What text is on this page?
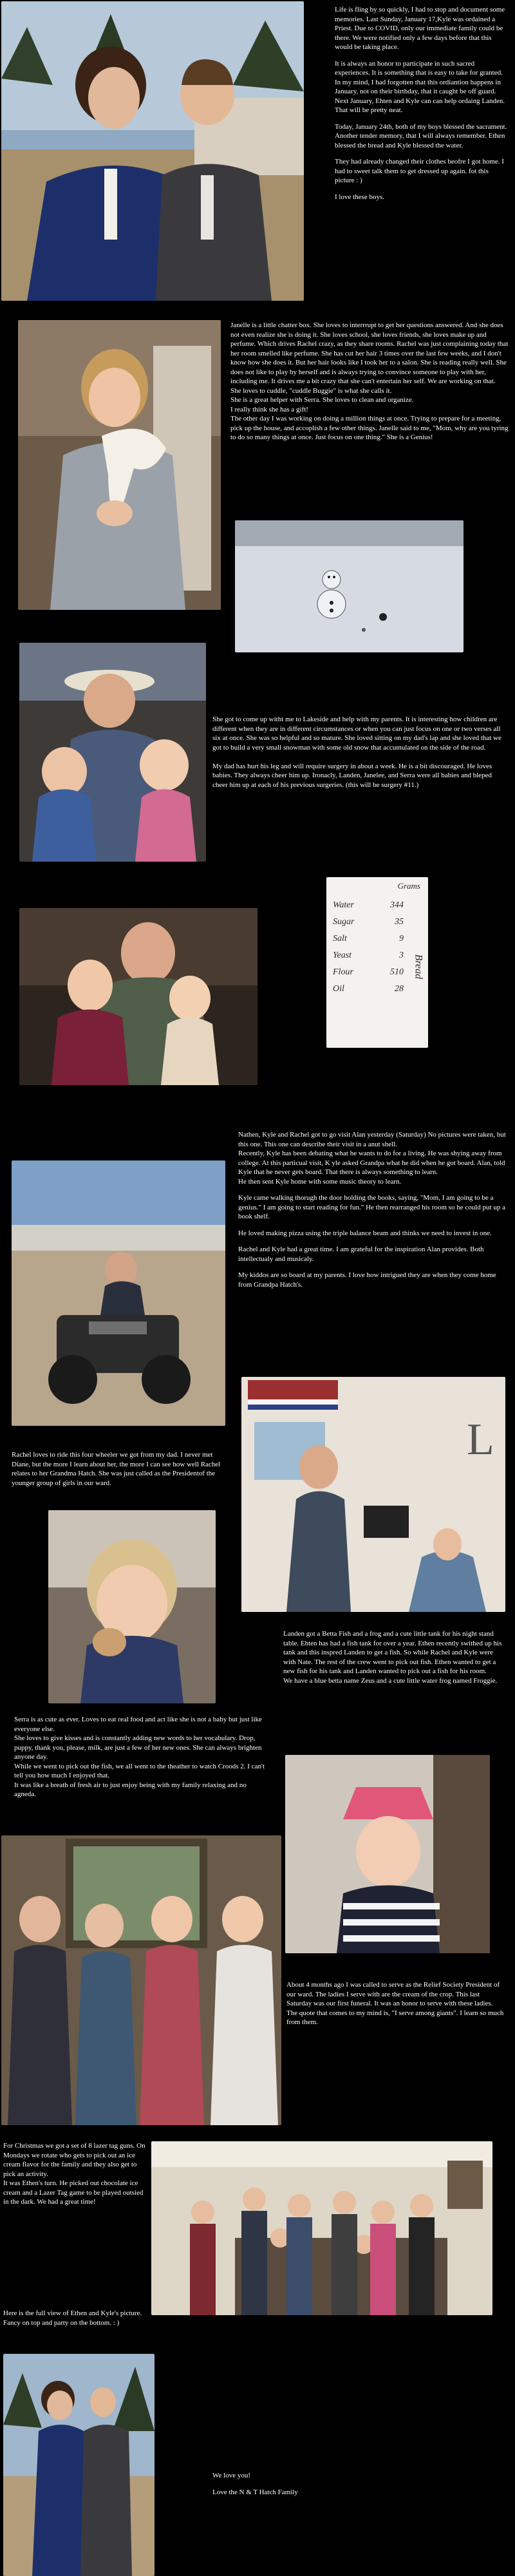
Life is fling by so quickly, I had to stop and document some memories. Last Sunday, January 17,Kyle was ordained a Priest. Due to COVID, only our immediate family could be there. We were notified only a few days before that this would be taking place.

It is always an honor to participate in such sacred experiences. It is something that is easy to take for granted. In my mind, I had forgotten that this ordiantion happens in January, not on their birthday, that it caught be off guard. Next January, Ehten and Kyle can can help ordaing Landen. That will be pretty neat.

Today, January 24th, both of my boys blessed the sacrament. Another tender memory, that I will always remember. Ethen blessed the bread and Kyle blessed the water.

They had already changed their clothes beofre I got home. I had to sweet talk them to get dressed up again. fot this picture : )

I love these boys.

Janelle is a little chatter box. She loves to interrrupt to get her questions answered. And she does not even realize she is doing it. She loves school, she loves friends, she loves make up and perfume. Which drives Rachel crazy, as they share rooms. Rachel was just complaining today that her room smelled like perfume. She has cut her hair 3 times over the last few weeks, and I don't know how she does it. But her hair looks like I took her to a salon. She is reading really well. She does not like to play by herself and is always trying to convince someone to play with her, including me. It drives me a bit crazy that she can't entertain her self. We are working on that.
She loves to cuddle, "cuddle Buggie" is what she calls it.
She is a great helper with Serra. She loves to clean and organize.
I really think she has a gift!
The other day I was working on doing a million things at once. Trying to prepare for a meeting, pick up the house, and accoplish a few other things. Janelle said to me, "Mom, why are you tyring to do so many things at once. Just focus on one thing." She is a Genius!
She got to come up witht me to Lakeside and help with my parents. It is interesting how children are different when they are in different circumstances or when you can just focus on one or two verses all six at once. She was so helpful and so mature. She loved sitting on my dad's lap and she loved that we got to build a very small snowman with some old snow that accumulated on the side of the road.

My dad has hurt his leg and will require surgery in about a week. He is a bit discouraged. He loves babies. They always cheer him up. Ironacly, Landen, Janelee, and Serra were all babies and bleped cheer him up at each of his previous surgeries. (this will be surgery #11.)
Grams
Water	344
Sugar	35
Salt	9
Yeast	3
Flour	510
Oil	28
Bread

Nathen, Kyle and Rachel got to go visit Alan yesterday (Saturday) No pictures were taken, but this one. This one can describe their visit in a anut shell.
Recently, Kyle has been debating what he wants to do for a living. He was shying away from college. At this particual visit, K yle asked Grandpa what he did when he got board. Alan, told Kyle that he never gets board. That there is always something to learn.
He then sent Kyle home with some music theory to learn.

Kyle came walking thorugh the door holding the books, saying, "Mom, I am going to be a genius." I am going to start reading for fun." He then rearranged his room so he could put up a book shelf.

He loved making pizza using the triple balance beam and thinks we need to invest in one.

Rachel and Kyle had a great time. I am grateful for the inspiration Alan provides. Both intellectualy and musicaly.

My kiddos are so board at my parents. I love how intrigued they are when they come home from Grandpa Hatch's.

L
Rachel loves to ride this four wheeler we got from my dad. I never met Diane, but the more I learn about her, the more I can see how well Rachel relates to her Grandma Hatch. She was just called as the Presidentof the younger group of girls in our ward.
Landen got a Betta Fish and a frog and a cute little tank for his night stand table. Ehten has had a fish tank for over a year. Ethen recently swithed up his tank and this inspred Landen to get a fish. So while Rachel and Kyle were with Nate. The rest of the crew went to pick out fish. Ethen wanted to get a new fish for his tank and Landen wanted to pick out a fish for his room.
We have a blue betta name Zeus and a cute little water frog named Froggie.
Serra is as cute as ever. Loves to eat real food and act like she is not a baby but just like everyone else.
She loves to give kisses and is constantly adding new words to her vocabulary. Drop, puppy, thank you, please, milk, are just a few of her new ones. She can always brighten anyone day.
While we went to pick out the fish, we all went to the theather to watch Croods 2. I can't tell you how much I enjoyed that.
It was like a breath of fresh air to just enjoy being with my family relaxing and no agneda.
About 4 months ago I was called to serve as the Relief Society President of our ward. The ladies I serve with are the cream of the crop. This last Saturday was our first funeral. It was an honor to serve with these ladies. The quote that comes to my mind is, "I serve among giants". I learn so much from them.
For Christmas we got a set of 8 lazer tag guns. On Mondays we rotate who gets to pick out an ice cream flavor for the family and they also get to pick an activity.
It was Ethen's turn. He picked out chocolate ice cream and a Lazer Tag game to be played outsied in the dark. We had a great time!
Here is the full view of Ethen and Kyle's picture. Fancy on top and party on the bottom. : )

We love you!

Love the N & T Hatch Family
